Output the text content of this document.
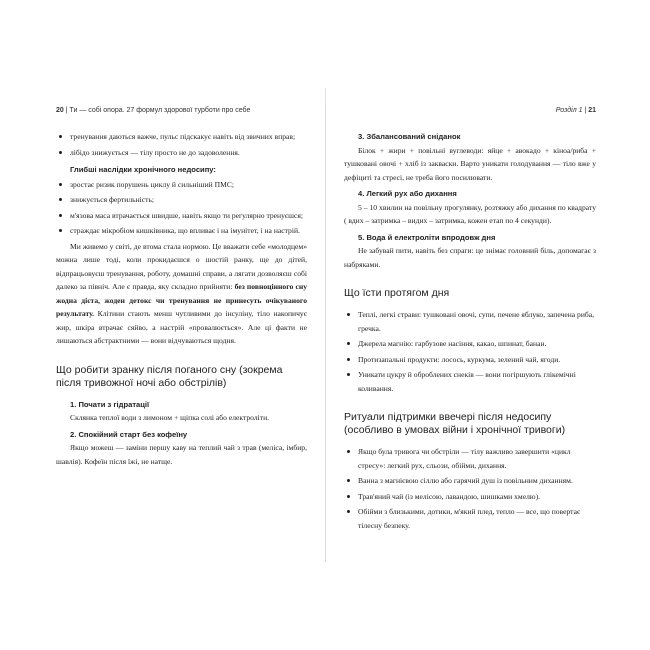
20 | Ти — собі опора. 27 формул здорової турботи про себе
тренування даються важче, пульс підскакує навіть від звичних вправ;
лібідо знижується — тілу просто не до задоволення.
Глибші наслідки хронічного недосипу:
зростає ризик порушень циклу й сильніший ПМС;
знижується фертильність;
м'язова маса втрачається швидше, навіть якщо ти регулярно тренуєшся;
страждає мікробіом кишківника, що впливає і на імунітет, і на настрій.

Ми живемо у світі, де втома стала нормою. Це вважати себе «молодцем» можна лише тоді, коли прокидаєшся о шостій ранку, ще до дітей, відпрацьовуєш тренування, роботу, домашні справи, а лягати дозволяєш собі далеко за північ. Але є правда, яку складно прийняти: без повноцінного сну жодна дієта, жоден детокс чи тренування не принесуть очікуваного результату. Клітини стають менш чутливими до інсуліну, тіло накопичує жир, шкіра втрачає сяйво, а настрій «провалюється». Але ці факти не лишаються абстрактними — вони відчуваються щодня.

Що робити зранку після поганого сну (зокрема після тривожної ночі або обстрілів)
1. Почати з гідратації
Склянка теплої води з лимоном + щіпка солі або електроліти.
2. Спокійний старт без кофеїну
Якщо можеш — заміни першу каву на теплий чай з трав (меліса, імбир, шавлія). Кофеїн після їжі, не натще.
Розділ 1 | 21
3. Збалансований сніданок
Білок + жири + повільні вуглеводи: яйце + авокадо + кіноа/риба + тушковані овочі + хліб із закваски. Варто уникати голодування — тіло вже у дефіциті та стресі, не треба його посилювати.
4. Легкий рух або дихання
5 – 10 хвилин на повільну прогулянку, розтяжку або дихання по квадрату ( вдих – затримка – видих – затримка, кожен етап по 4 секунди).
5. Вода й електроліти впродовж дня
Не забувай пити, навіть без спраги: це знімає головний біль, допомагає з набряками.
Що їсти протягом дня
Теплі, легкі страви: тушковані овочі, супи, печене яблуко, запечена риба, гречка.
Джерела магнію: гарбузове насіння, какао, шпинат, банан.
Протизапальні продукти: лосось, куркума, зелений чай, ягоди.
Уникати цукру й оброблених снеків — вони погіршують глікемічні коливання.
Ритуали підтримки ввечері після недосипу (особливо в умовах війни і хронічної тривоги)
Якщо була тривога чи обстріли — тілу важливо завершити «цикл стресу»: легкий рух, сльози, обійми, дихання.
Ванна з магнієвою сіллю або гарячий душ із повільним диханням.
Трав'яний чай (із мелісою, лавандою, шишками хмелю).
Обійми з близькими, дотики, м'який плед, тепло — все, що повертає тілесну безпеку.
